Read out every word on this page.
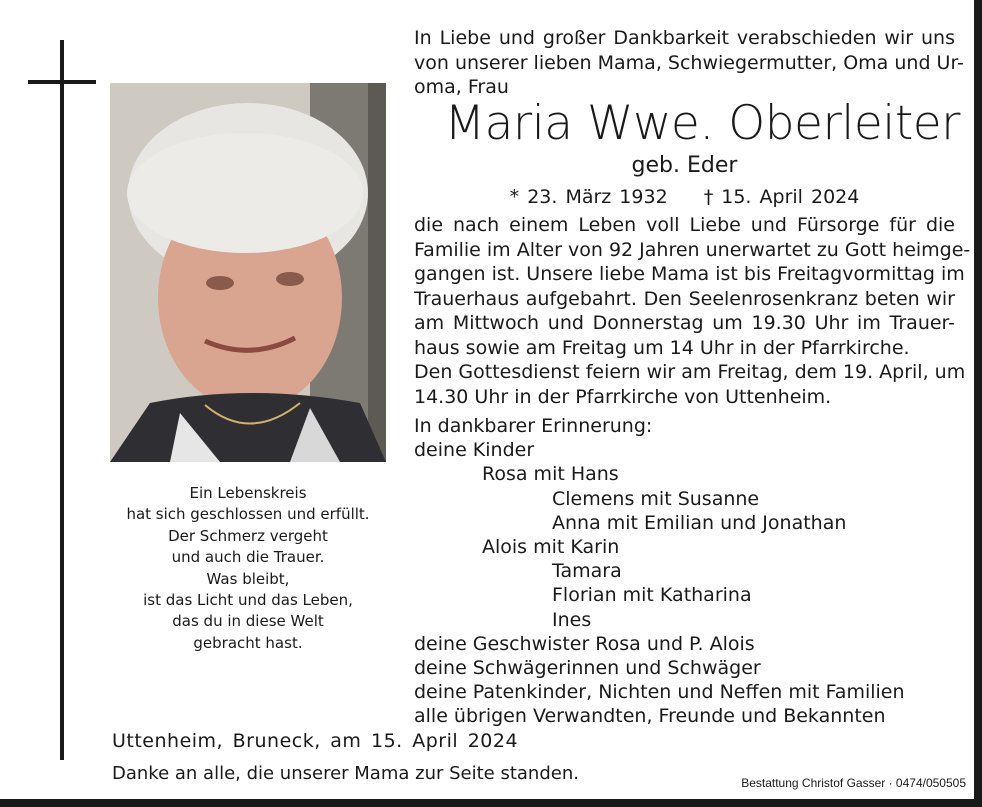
Ein Lebenskreis
hat sich geschlossen und erfüllt.
Der Schmerz vergeht
und auch die Trauer.
Was bleibt,
ist das Licht und das Leben,
das du in diese Welt
gebracht hast.
In Liebe und großer Dankbarkeit verabschieden wir uns
von unserer lieben Mama, Schwiegermutter, Oma und Ur-
oma, Frau
Maria Wwe. Oberleiter
geb. Eder
* 23. März 1932 † 15. April 2024
die nach einem Leben voll Liebe und Fürsorge für die
Familie im Alter von 92 Jahren unerwartet zu Gott heimge-
gangen ist. Unsere liebe Mama ist bis Freitagvormittag im
Trauerhaus aufgebahrt. Den Seelenrosenkranz beten wir
am Mittwoch und Donnerstag um 19.30 Uhr im Trauer-
haus sowie am Freitag um 14 Uhr in der Pfarrkirche.
Den Gottesdienst feiern wir am Freitag, dem 19. April, um
14.30 Uhr in der Pfarrkirche von Uttenheim.
In dankbarer Erinnerung:
deine Kinder
Rosa mit Hans
Clemens mit Susanne
Anna mit Emilian und Jonathan
Alois mit Karin
Tamara
Florian mit Katharina
Ines
deine Geschwister Rosa und P. Alois
deine Schwägerinnen und Schwäger
deine Patenkinder, Nichten und Neffen mit Familien
alle übrigen Verwandten, Freunde und Bekannten
Uttenheim, Bruneck, am 15. April 2024
Danke an alle, die unserer Mama zur Seite standen.	Bestattung Christof Gasser · 0474/050505
